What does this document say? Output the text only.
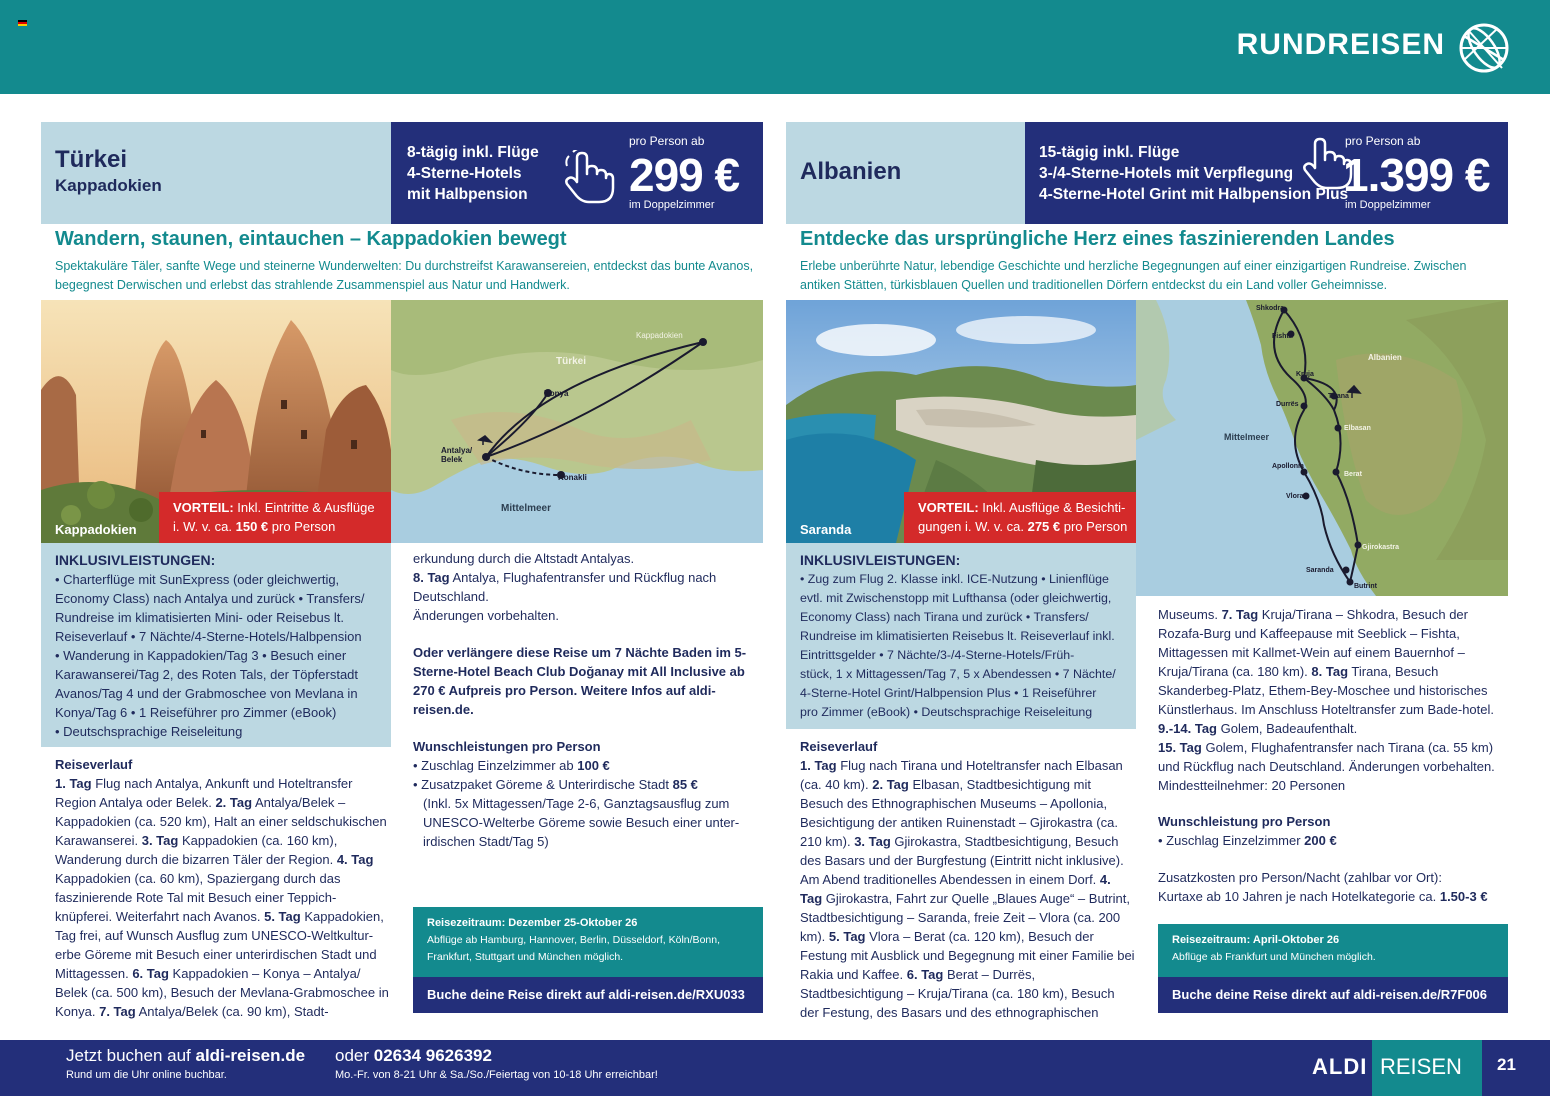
RUNDREISEN
Türkei
Kappadokien
8-tägig inkl. Flüge
4-Sterne-Hotels
mit Halbpension
pro Person ab
299 €
im Doppelzimmer
Wandern, staunen, eintauchen – Kappadokien bewegt
Spektakuläre Täler, sanfte Wege und steinerne Wunderwelten: Du durchstreifst Karawansereien, entdeckst das bunte Avanos, begegnest Derwischen und erlebst das strahlende Zusammenspiel aus Natur und Handwerk.
Kappadokien
VORTEIL: Inkl. Eintritte & Ausflüge
i. W. v. ca. 150 € pro Person
Türkei
Kappadokien
Konya
Antalya/
Belek
Konakli
Mittelmeer
INKLUSIVLEISTUNGEN:
• Charterflüge mit SunExpress (oder gleichwertig,
Economy Class) nach Antalya und zurück • Transfers/
Rundreise im klimatisierten Mini- oder Reisebus lt.
Reiseverlauf • 7 Nächte/4-Sterne-Hotels/Halbpension
• Wanderung in Kappadokien/Tag 3 • Besuch einer
Karawanserei/Tag 2, des Roten Tals, der Töpferstadt
Avanos/Tag 4 und der Grabmoschee von Mevlana in
Konya/Tag 6 • 1 Reiseführer pro Zimmer (eBook)
• Deutschsprachige Reiseleitung
Reiseverlauf
1. Tag Flug nach Antalya, Ankunft und Hoteltransfer Region Antalya oder Belek. 2. Tag Antalya/Belek – Kappadokien (ca. 520 km), Halt an einer seldschukischen Karawanserei. 3. Tag Kappadokien (ca. 160 km), Wanderung durch die bizarren Täler der Region. 4. Tag Kappadokien (ca. 60 km), Spaziergang durch das faszinierende Rote Tal mit Besuch einer Teppich-knüpferei. Weiterfahrt nach Avanos. 5. Tag Kappadokien, Tag frei, auf Wunsch Ausflug zum UNESCO-Weltkultur-erbe Göreme mit Besuch einer unterirdischen Stadt und Mittagessen. 6. Tag Kappadokien – Konya – Antalya/ Belek (ca. 500 km), Besuch der Mevlana-Grabmoschee in Konya. 7. Tag Antalya/Belek (ca. 90 km), Stadt-
erkundung durch die Altstadt Antalyas.
8. Tag Antalya, Flughafentransfer und Rückflug nach Deutschland.
Änderungen vorbehalten.
Oder verlängere diese Reise um 7 Nächte Baden im 5-Sterne-Hotel Beach Club Doğanay mit All Inclusive ab 270 € Aufpreis pro Person. Weitere Infos auf aldi-reisen.de.
Wunschleistungen pro Person
• Zuschlag Einzelzimmer ab 100 €
• Zusatzpaket Göreme & Unterirdische Stadt 85 €
(Inkl. 5x Mittagessen/Tage 2-6, Ganztagsausflug zum UNESCO-Welterbe Göreme sowie Besuch einer unter-irdischen Stadt/Tag 5)
Reisezeitraum: Dezember 25-Oktober 26
Abflüge ab Hamburg, Hannover, Berlin, Düsseldorf, Köln/Bonn, Frankfurt, Stuttgart und München möglich.
Buche deine Reise direkt auf aldi-reisen.de/RXU033
Albanien
15-tägig inkl. Flüge
3-/4-Sterne-Hotels mit Verpflegung
4-Sterne-Hotel Grint mit Halbpension Plus
pro Person ab
1.399 €
im Doppelzimmer
Entdecke das ursprüngliche Herz eines faszinierenden Landes
Erlebe unberührte Natur, lebendige Geschichte und herzliche Begegnungen auf einer einzigartigen Rundreise. Zwischen antiken Stätten, türkisblauen Quellen und traditionellen Dörfern entdeckst du ein Land voller Geheimnisse.
Saranda
VORTEIL: Inkl. Ausflüge & Besichti-
gungen i. W. v. ca. 275 € pro Person
Shkodra
Fishta
Albanien
Kruja
Durrës
Tirana
Elbasan
Mittelmeer
Apollonia
Berat
Vlora
Gjirokastra
Saranda
Butrint
INKLUSIVLEISTUNGEN:
• Zug zum Flug 2. Klasse inkl. ICE-Nutzung • Linienflüge
evtl. mit Zwischenstopp mit Lufthansa (oder gleichwertig,
Economy Class) nach Tirana und zurück • Transfers/
Rundreise im klimatisierten Reisebus lt. Reiseverlauf inkl.
Eintrittsgelder • 7 Nächte/3-/4-Sterne-Hotels/Früh-
stück, 1 x Mittagessen/Tag 7, 5 x Abendessen • 7 Nächte/
4-Sterne-Hotel Grint/Halbpension Plus • 1 Reiseführer
pro Zimmer (eBook) • Deutschsprachige Reiseleitung
Reiseverlauf
1. Tag Flug nach Tirana und Hoteltransfer nach Elbasan (ca. 40 km). 2. Tag Elbasan, Stadtbesichtigung mit Besuch des Ethnographischen Museums – Apollonia, Besichtigung der antiken Ruinenstadt – Gjirokastra (ca. 210 km). 3. Tag Gjirokastra, Stadtbesichtigung, Besuch des Basars und der Burgfestung (Eintritt nicht inklusive). Am Abend traditionelles Abendessen in einem Dorf. 4. Tag Gjirokastra, Fahrt zur Quelle „Blaues Auge“ – Butrint, Stadtbesichtigung – Saranda, freie Zeit – Vlora (ca. 200 km). 5. Tag Vlora – Berat (ca. 120 km), Besuch der Festung mit Ausblick und Begegnung mit einer Familie bei Rakia und Kaffee. 6. Tag Berat – Durrës, Stadtbesichtigung – Kruja/Tirana (ca. 180 km), Besuch der Festung, des Basars und des ethnographischen
Museums. 7. Tag Kruja/Tirana – Shkodra, Besuch der Rozafa-Burg und Kaffeepause mit Seeblick – Fishta, Mittagessen mit Kallmet-Wein auf einem Bauernhof – Kruja/Tirana (ca. 180 km). 8. Tag Tirana, Besuch Skanderbeg-Platz, Ethem-Bey-Moschee und historisches Künstlerhaus. Im Anschluss Hoteltransfer zum Bade-hotel. 9.-14. Tag Golem, Badeaufenthalt.
15. Tag Golem, Flughafentransfer nach Tirana (ca. 55 km) und Rückflug nach Deutschland. Änderungen vorbehalten. Mindestteilnehmer: 20 Personen
Wunschleistung pro Person
• Zuschlag Einzelzimmer 200 €
Zusatzkosten pro Person/Nacht (zahlbar vor Ort):
Kurtaxe ab 10 Jahren je nach Hotelkategorie ca. 1.50-3 €
Reisezeitraum: April-Oktober 26
Abflüge ab Frankfurt und München möglich.
Buche deine Reise direkt auf aldi-reisen.de/R7F006
Jetzt buchen auf aldi-reisen.de
Rund um die Uhr online buchbar.
oder 02634 9626392
Mo.-Fr. von 8-21 Uhr & Sa./So./Feiertag von 10-18 Uhr erreichbar!	ALDI REISEN	21
